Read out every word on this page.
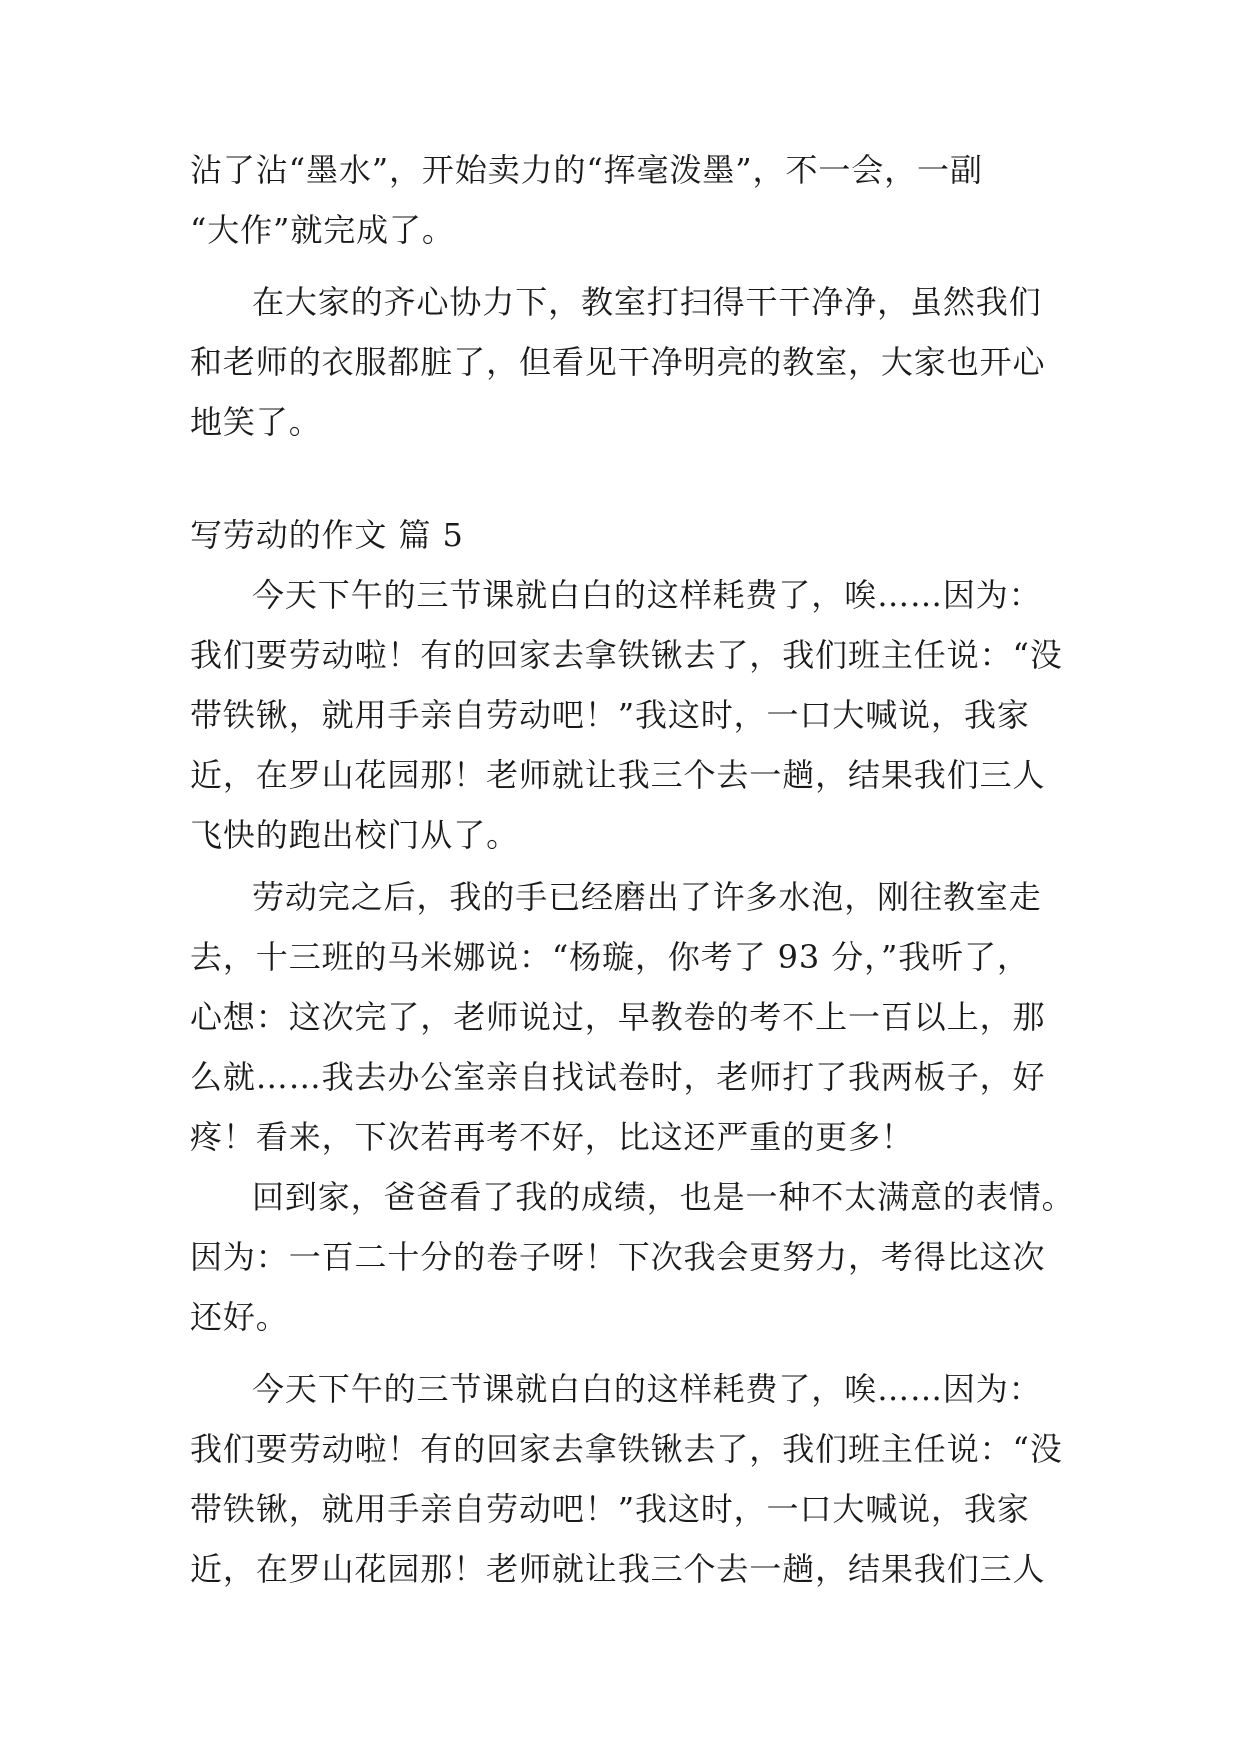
沾了沾“墨水”，开始卖力的“挥毫泼墨”，不一会，一副
“大作”就完成了。
在大家的齐心协力下，教室打扫得干干净净，虽然我们
和老师的衣服都脏了，但看见干净明亮的教室，大家也开心
地笑了。
写劳动的作文 篇 5
今天下午的三节课就白白的这样耗费了，唉……因为：
我们要劳动啦！有的回家去拿铁锹去了，我们班主任说：“没
带铁锹，就用手亲自劳动吧！”我这时，一口大喊说，我家
近，在罗山花园那！老师就让我三个去一趟，结果我们三人
飞快的跑出校门从了。
劳动完之后，我的手已经磨出了许多水泡，刚往教室走
去，十三班的马米娜说：“杨璇，你考了 93 分，”我听了，
心想：这次完了，老师说过，早教卷的考不上一百以上，那
么就……我去办公室亲自找试卷时，老师打了我两板子，好
疼！看来，下次若再考不好，比这还严重的更多！
回到家，爸爸看了我的成绩，也是一种不太满意的表情。
因为：一百二十分的卷子呀！下次我会更努力，考得比这次
还好。
今天下午的三节课就白白的这样耗费了，唉……因为：
我们要劳动啦！有的回家去拿铁锹去了，我们班主任说：“没
带铁锹，就用手亲自劳动吧！”我这时，一口大喊说，我家
近，在罗山花园那！老师就让我三个去一趟，结果我们三人
